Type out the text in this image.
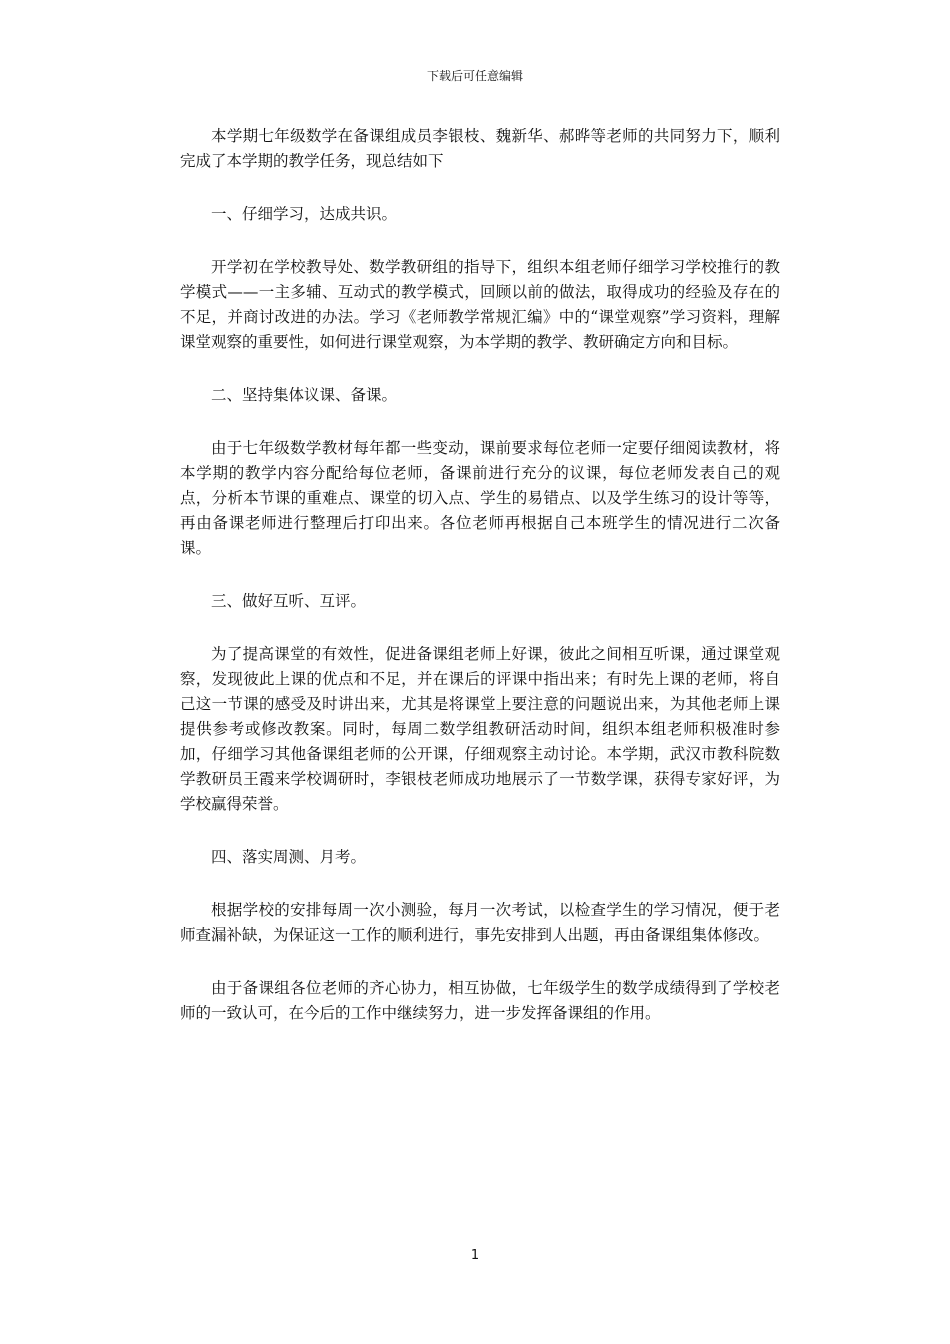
下载后可任意编辑

本学期七年级数学在备课组成员李银枝、魏新华、郝晔等老师的共同努力下，顺利完成了本学期的教学任务，现总结如下

一、仔细学习，达成共识。

开学初在学校教导处、数学教研组的指导下，组织本组老师仔细学习学校推行的教学模式——一主多辅、互动式的教学模式，回顾以前的做法，取得成功的经验及存在的不足，并商讨改进的办法。学习《老师教学常规汇编》中的“课堂观察”学习资料，理解课堂观察的重要性，如何进行课堂观察，为本学期的教学、教研确定方向和目标。

二、坚持集体议课、备课。

由于七年级数学教材每年都一些变动，课前要求每位老师一定要仔细阅读教材，将本学期的教学内容分配给每位老师，备课前进行充分的议课，每位老师发表自己的观点，分析本节课的重难点、课堂的切入点、学生的易错点、以及学生练习的设计等等，再由备课老师进行整理后打印出来。各位老师再根据自己本班学生的情况进行二次备课。

三、做好互听、互评。

为了提高课堂的有效性，促进备课组老师上好课，彼此之间相互听课，通过课堂观察，发现彼此上课的优点和不足，并在课后的评课中指出来；有时先上课的老师，将自己这一节课的感受及时讲出来，尤其是将课堂上要注意的问题说出来，为其他老师上课提供参考或修改教案。同时，每周二数学组教研活动时间，组织本组老师积极准时参加，仔细学习其他备课组老师的公开课，仔细观察主动讨论。本学期，武汉市教科院数学教研员王霞来学校调研时，李银枝老师成功地展示了一节数学课，获得专家好评，为学校赢得荣誉。

四、落实周测、月考。

根据学校的安排每周一次小测验，每月一次考试，以检查学生的学习情况，便于老师查漏补缺，为保证这一工作的顺利进行，事先安排到人出题，再由备课组集体修改。

由于备课组各位老师的齐心协力，相互协做，七年级学生的数学成绩得到了学校老师的一致认可，在今后的工作中继续努力，进一步发挥备课组的作用。

1
